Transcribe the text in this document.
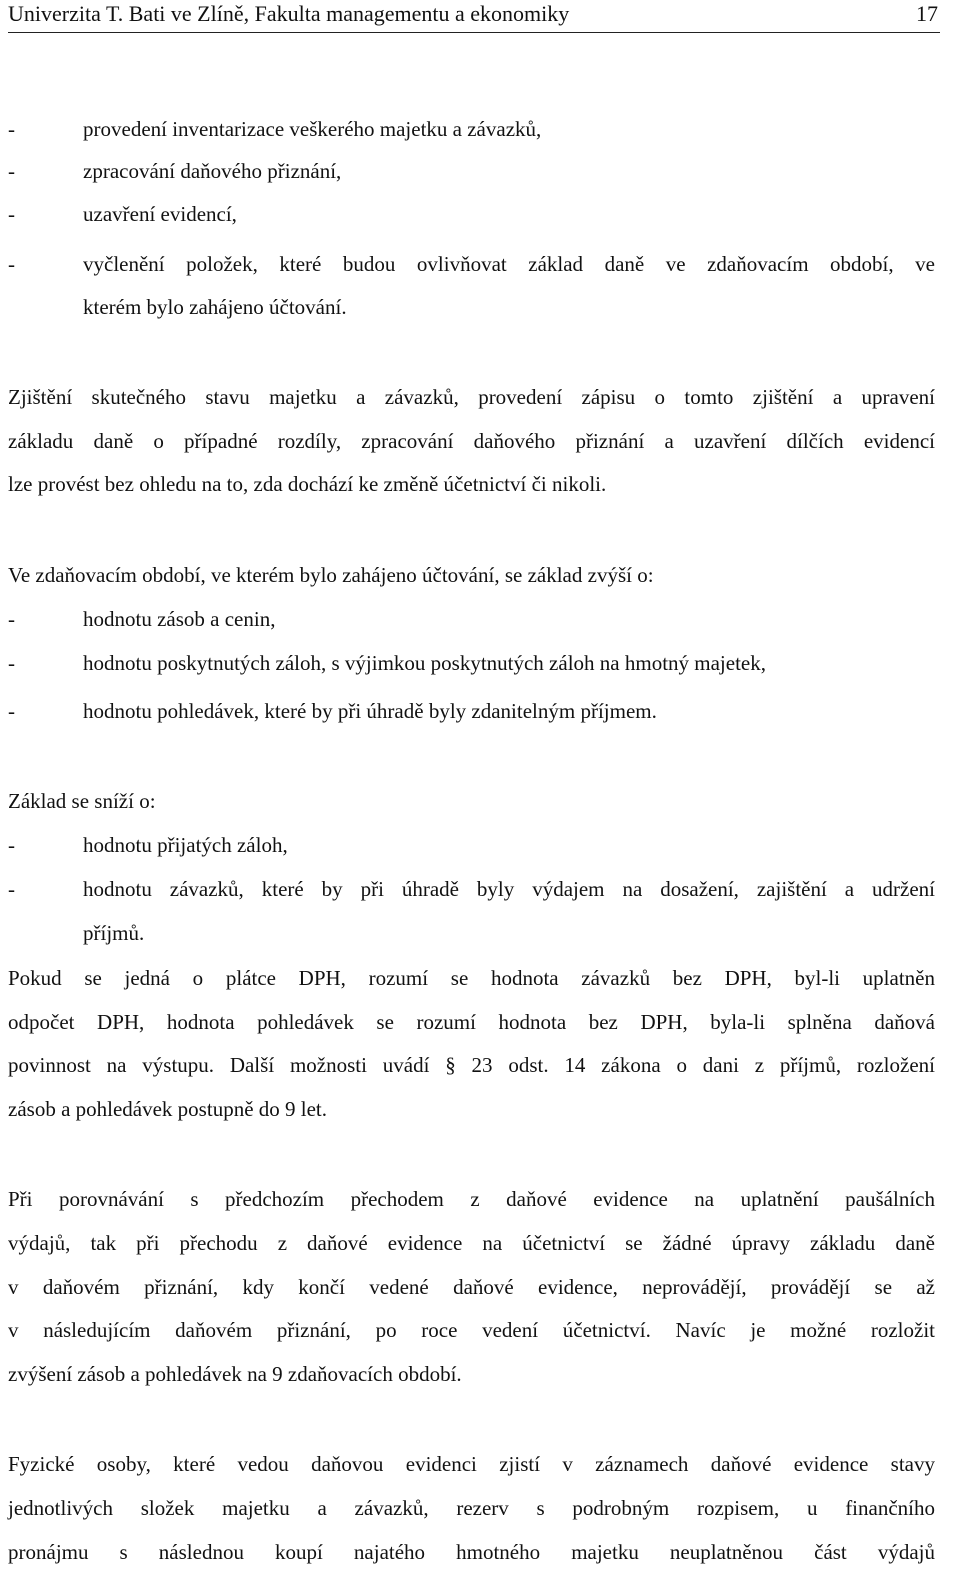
Univerzita T. Bati ve Zlíně, Fakulta managementu a ekonomiky	17
-	provedení inventarizace veškerého majetku a závazků,
-	zpracování daňového přiznání,
-	uzavření evidencí,
-	vyčlenění položek, které budou ovlivňovat základ daně ve zdaňovacím období, ve
kterém bylo zahájeno účtování.
Zjištění skutečného stavu majetku a závazků, provedení zápisu o tomto zjištění a upravení
základu daně o případné rozdíly, zpracování daňového přiznání a uzavření dílčích evidencí
lze provést bez ohledu na to, zda dochází ke změně účetnictví či nikoli.
Ve zdaňovacím období, ve kterém bylo zahájeno účtování, se základ zvýší o:
-	hodnotu zásob a cenin,
-	hodnotu poskytnutých záloh, s výjimkou poskytnutých záloh na hmotný majetek,
-	hodnotu pohledávek, které by při úhradě byly zdanitelným příjmem.
Základ se sníží o:
-	hodnotu přijatých záloh,
-	hodnotu závazků, které by při úhradě byly výdajem na dosažení, zajištění a udržení
příjmů.
Pokud se jedná o plátce DPH, rozumí se hodnota závazků bez DPH, byl-li uplatněn
odpočet DPH, hodnota pohledávek se rozumí hodnota bez DPH, byla-li splněna daňová
povinnost na výstupu. Další možnosti uvádí § 23 odst. 14 zákona o dani z příjmů, rozložení
zásob a pohledávek postupně do 9 let.
Při porovnávání s předchozím přechodem z daňové evidence na uplatnění paušálních
výdajů, tak při přechodu z daňové evidence na účetnictví se žádné úpravy základu daně
v daňovém přiznání, kdy končí vedené daňové evidence, neprovádějí, provádějí se až
v následujícím daňovém přiznání, po roce vedení účetnictví. Navíc je možné rozložit
zvýšení zásob a pohledávek na 9 zdaňovacích období.
Fyzické osoby, které vedou daňovou evidenci zjistí v záznamech daňové evidence stavy
jednotlivých složek majetku a závazků, rezerv s podrobným rozpisem, u finančního
pronájmu s následnou koupí najatého hmotného majetku neuplatněnou část výdajů
